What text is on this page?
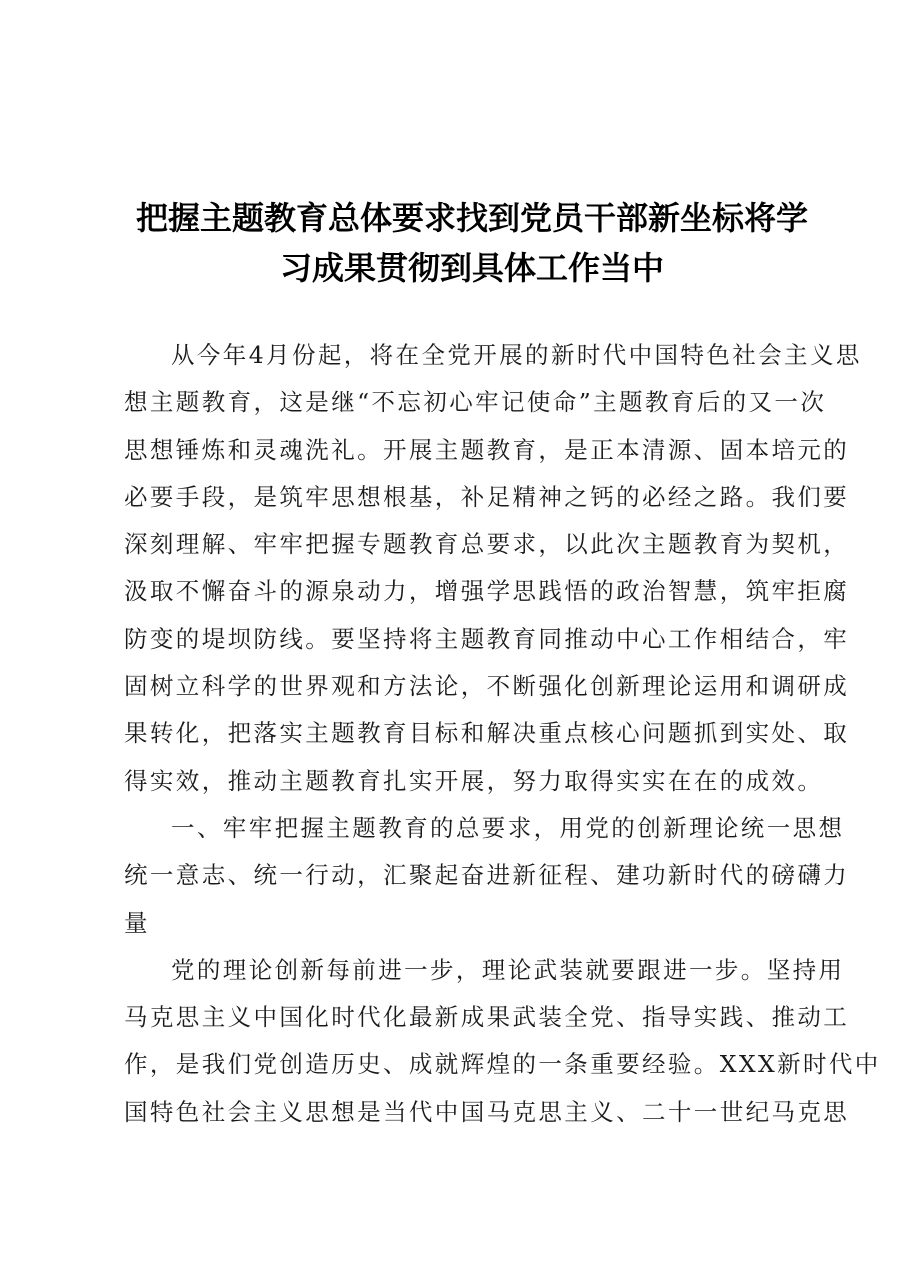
把握主题教育总体要求找到党员干部新坐标将学
习成果贯彻到具体工作当中
从今年4月份起，将在全党开展的新时代中国特色社会主义思
想主题教育，这是继“不忘初心牢记使命”主题教育后的又一次
思想锤炼和灵魂洗礼。开展主题教育，是正本清源、固本培元的
必要手段，是筑牢思想根基，补足精神之钙的必经之路。我们要
深刻理解、牢牢把握专题教育总要求，以此次主题教育为契机，
汲取不懈奋斗的源泉动力，增强学思践悟的政治智慧，筑牢拒腐
防变的堤坝防线。要坚持将主题教育同推动中心工作相结合，牢
固树立科学的世界观和方法论，不断强化创新理论运用和调研成
果转化，把落实主题教育目标和解决重点核心问题抓到实处、取
得实效，推动主题教育扎实开展，努力取得实实在在的成效。
一、牢牢把握主题教育的总要求，用党的创新理论统一思想
统一意志、统一行动，汇聚起奋进新征程、建功新时代的磅礴力
量
党的理论创新每前进一步，理论武装就要跟进一步。坚持用
马克思主义中国化时代化最新成果武装全党、指导实践、推动工
作，是我们党创造历史、成就辉煌的一条重要经验。XXX新时代中
国特色社会主义思想是当代中国马克思主义、二十一世纪马克思
